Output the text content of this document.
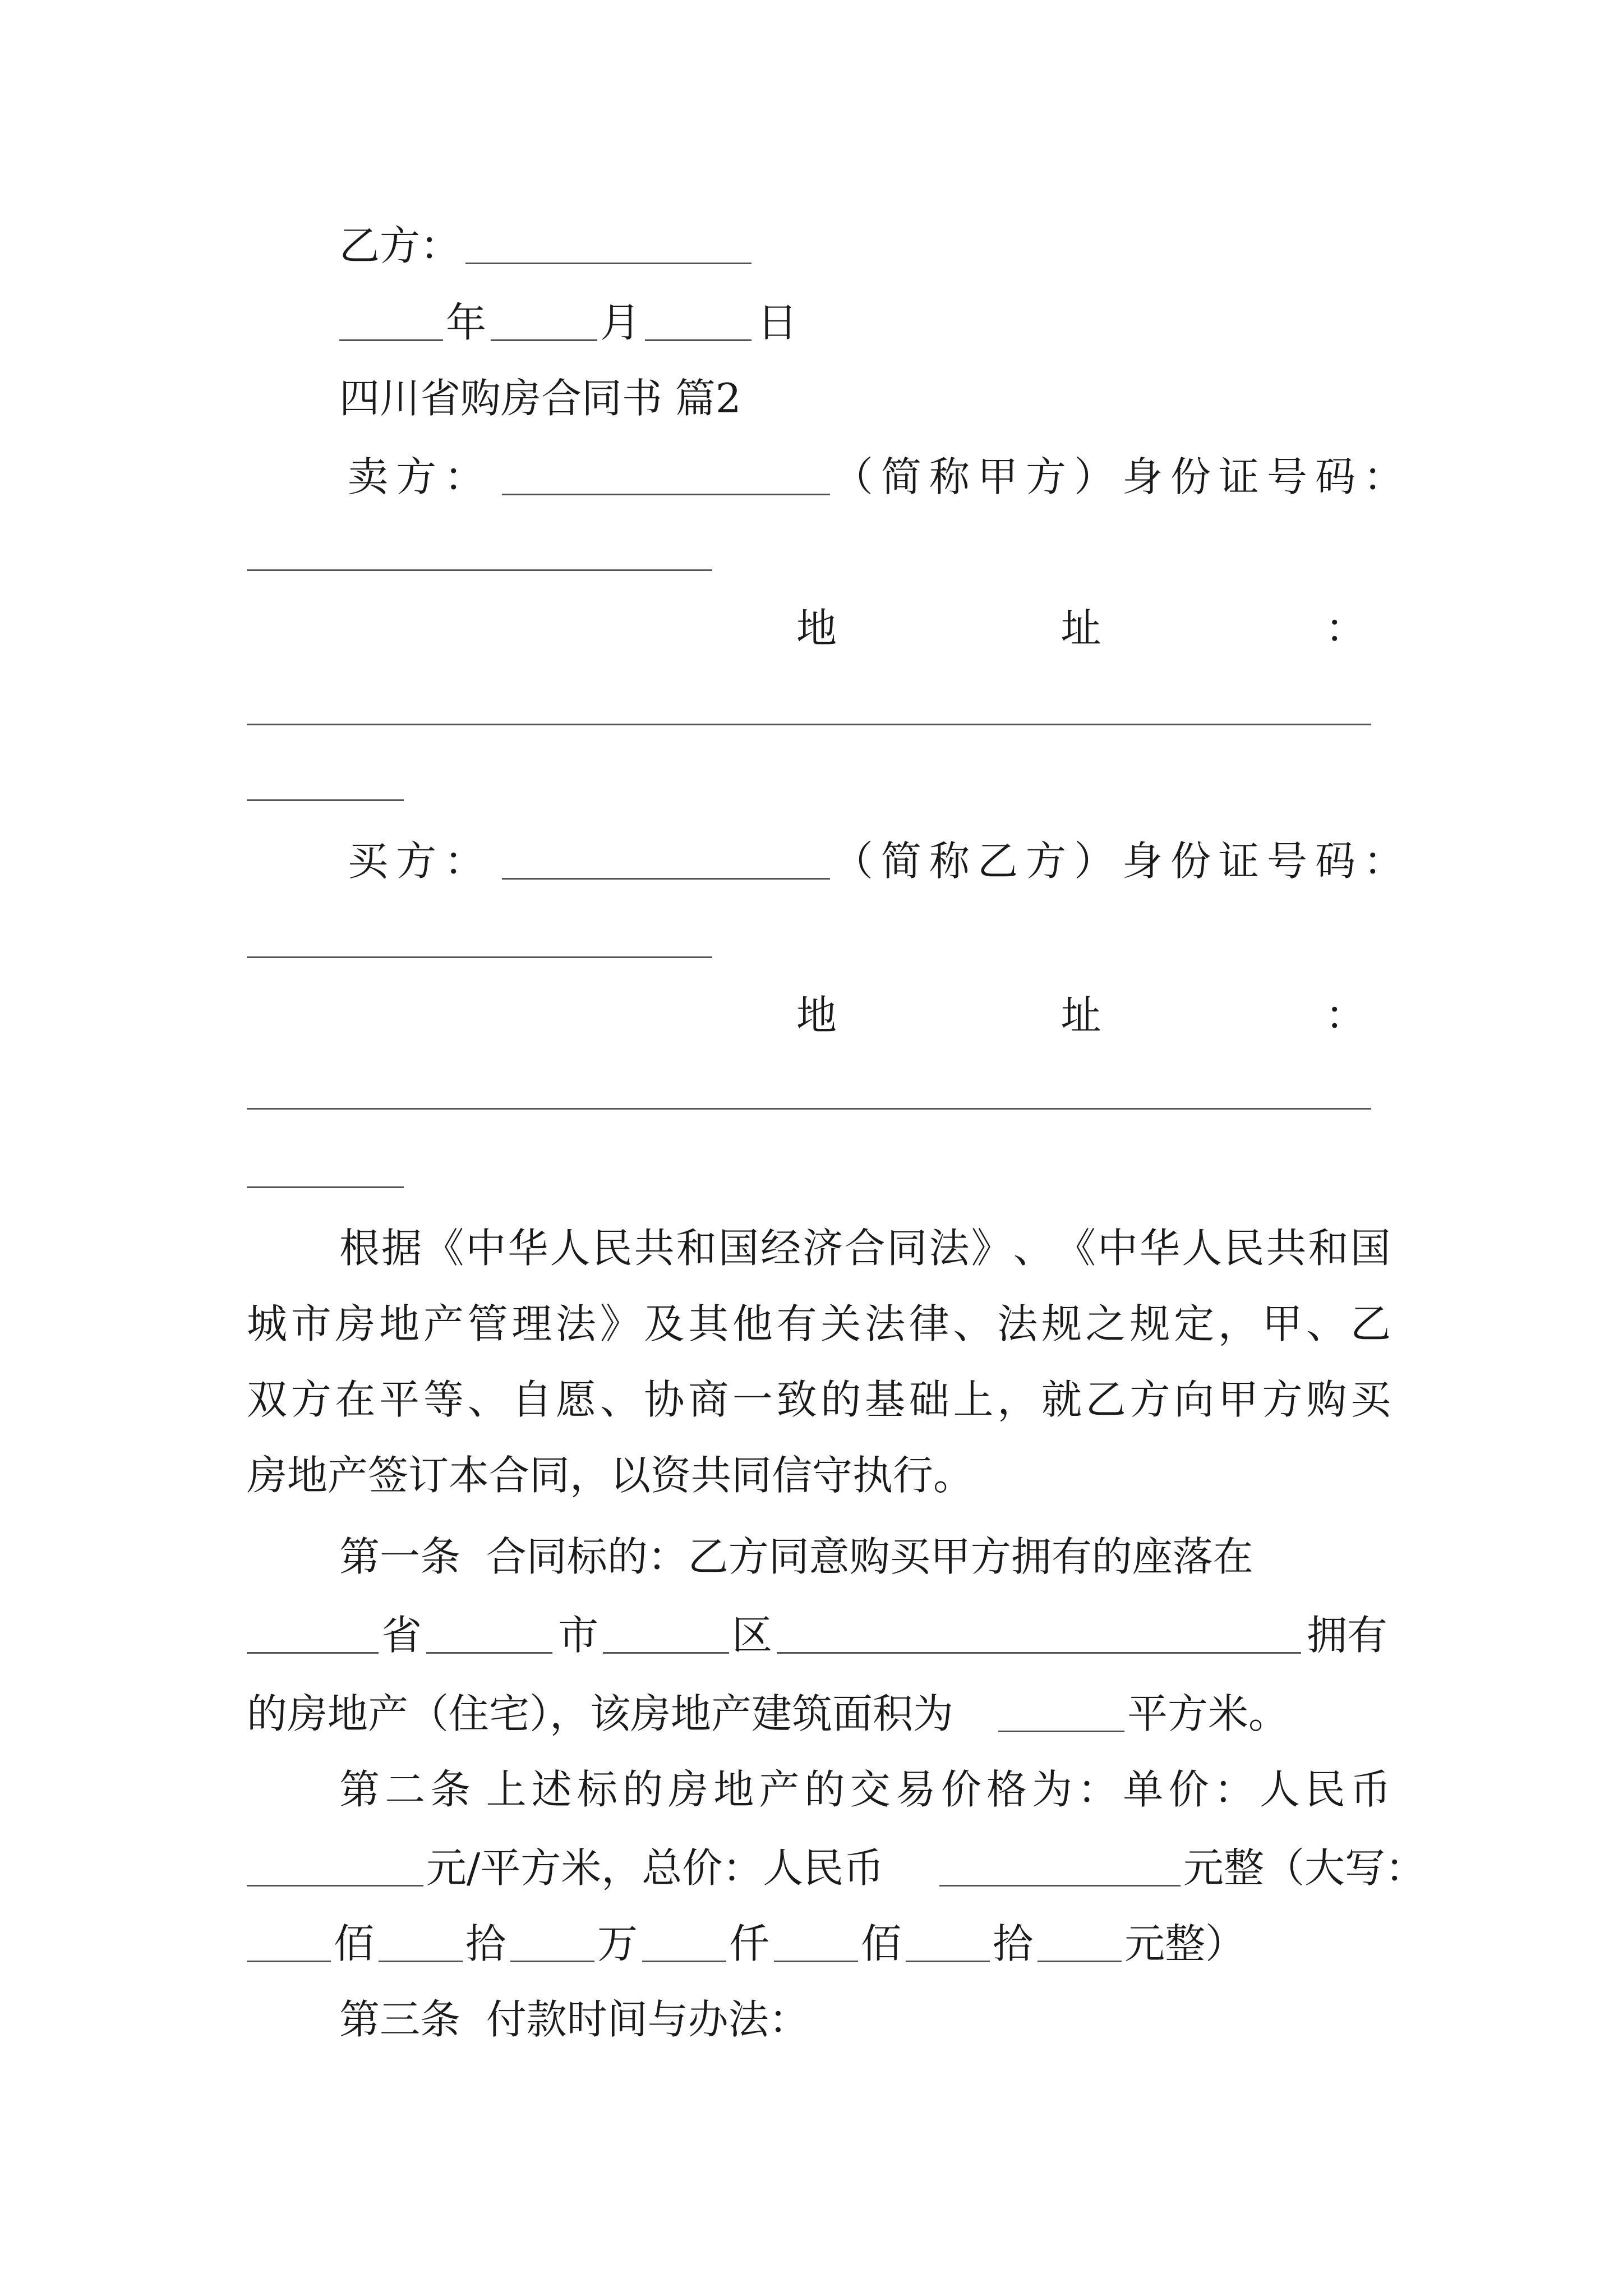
乙方：

年	月	日

四川省购房合同书 篇2

卖方：	（简称甲方）身份证号码：

地	址	：

买方：	（简称乙方）身份证号码：

地	址	：
根 据 《 中 华 人 民 共 和 国 经 济 合 同 法 》 、 《 中 华 人 民 共 和 国
城 市 房 地 产 管 理 法 》 及 其 他 有 关 法 律 、 法 规 之 规 定 ， 甲 、 乙
双 方 在 平 等 、 自 愿 、 协 商 一 致 的 基 础 上 ， 就 乙 方 向 甲 方 购 买

房地产签订本合同，以资共同信守执行。

第一条  合同标的：乙方同意购买甲方拥有的座落在

省	市	区	拥有

的房地产（住宅），该房地产建筑面积为	平方米。

第 二 条 上 述 标 的 房 地 产 的 交 易 价 格 为 ： 单 价 ： 人 民 币

元/平方米，总价：人民币	元整（大写：

佰 拾 万 仟 佰 拾 元整）

第三条  付款时间与办法：
